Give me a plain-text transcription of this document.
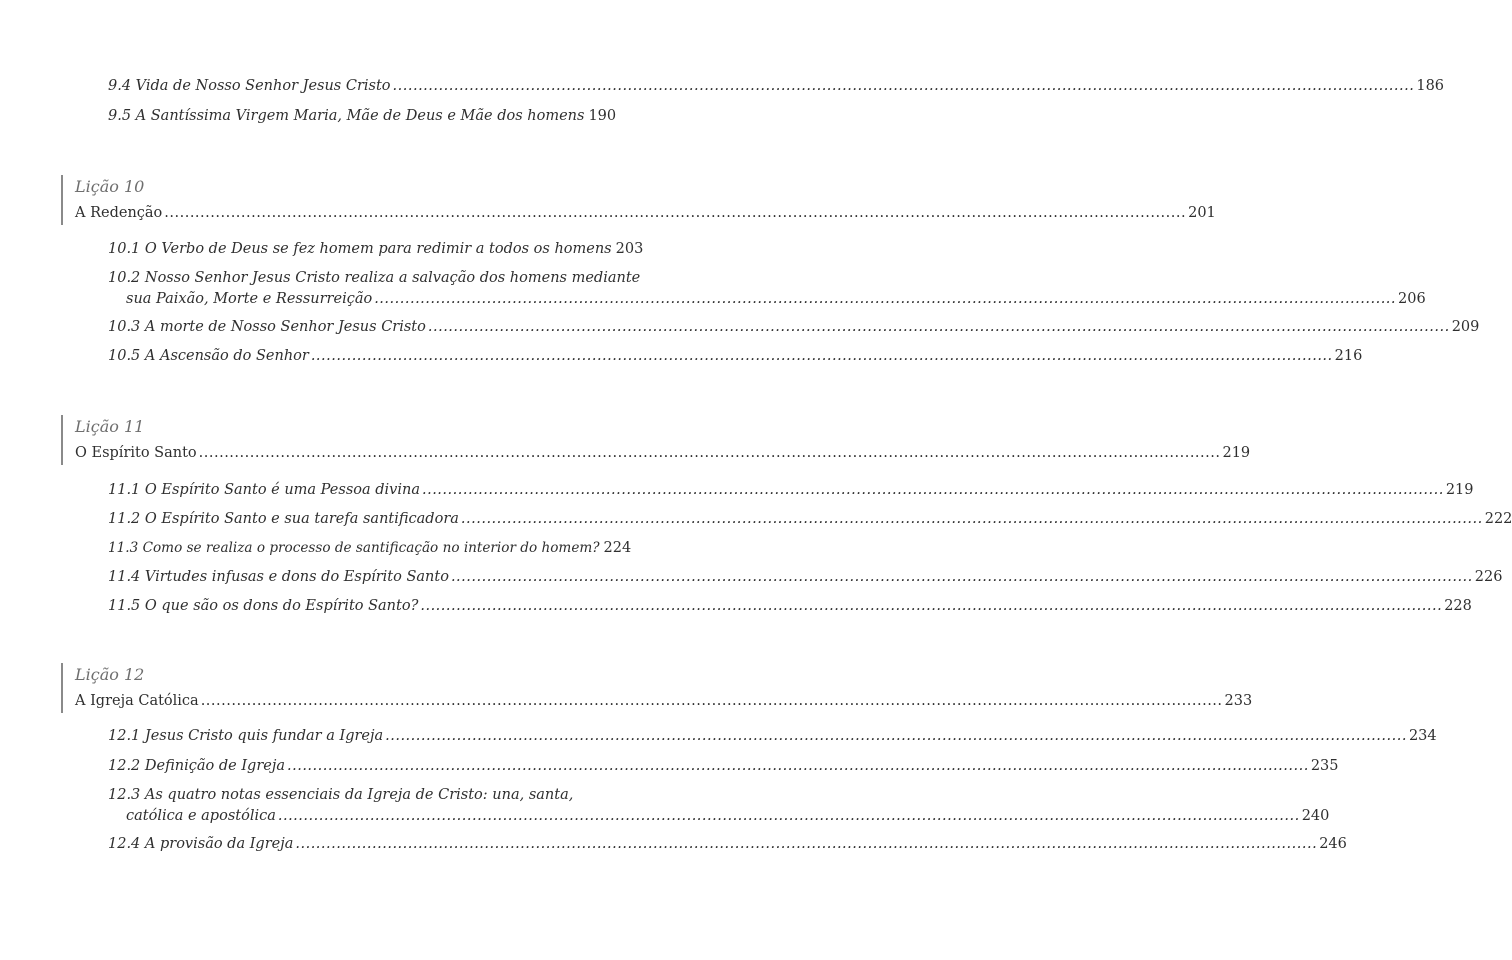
9.4 Vida de Nosso Senhor Jesus Cristo .....	186
9.5 A Santíssima Virgem Maria, Mãe de Deus e Mãe dos homens 190
Lição 10
A Redenção .....	201
10.1 O Verbo de Deus se fez homem para redimir a todos os homens 203
10.2 Nosso Senhor Jesus Cristo realiza a salvação dos homens mediante
sua Paixão, Morte e Ressurreição .....	206
10.3 A morte de Nosso Senhor Jesus Cristo .....	209
10.5 A Ascensão do Senhor .....	216
Lição 11
O Espírito Santo .....	219
11.1 O Espírito Santo é uma Pessoa divina .....	219
11.2 O Espírito Santo e sua tarefa santificadora .....	222
11.3 Como se realiza o processo de santificação no interior do homem? 224
11.4 Virtudes infusas e dons do Espírito Santo .....	226
11.5 O que são os dons do Espírito Santo? .....	228
Lição 12
A Igreja Católica .....	233
12.1 Jesus Cristo quis fundar a Igreja .....	234
12.2 Definição de Igreja .....	235
12.3 As quatro notas essenciais da Igreja de Cristo: una, santa,
católica e apostólica .....	240
12.4 A provisão da Igreja .....	246
